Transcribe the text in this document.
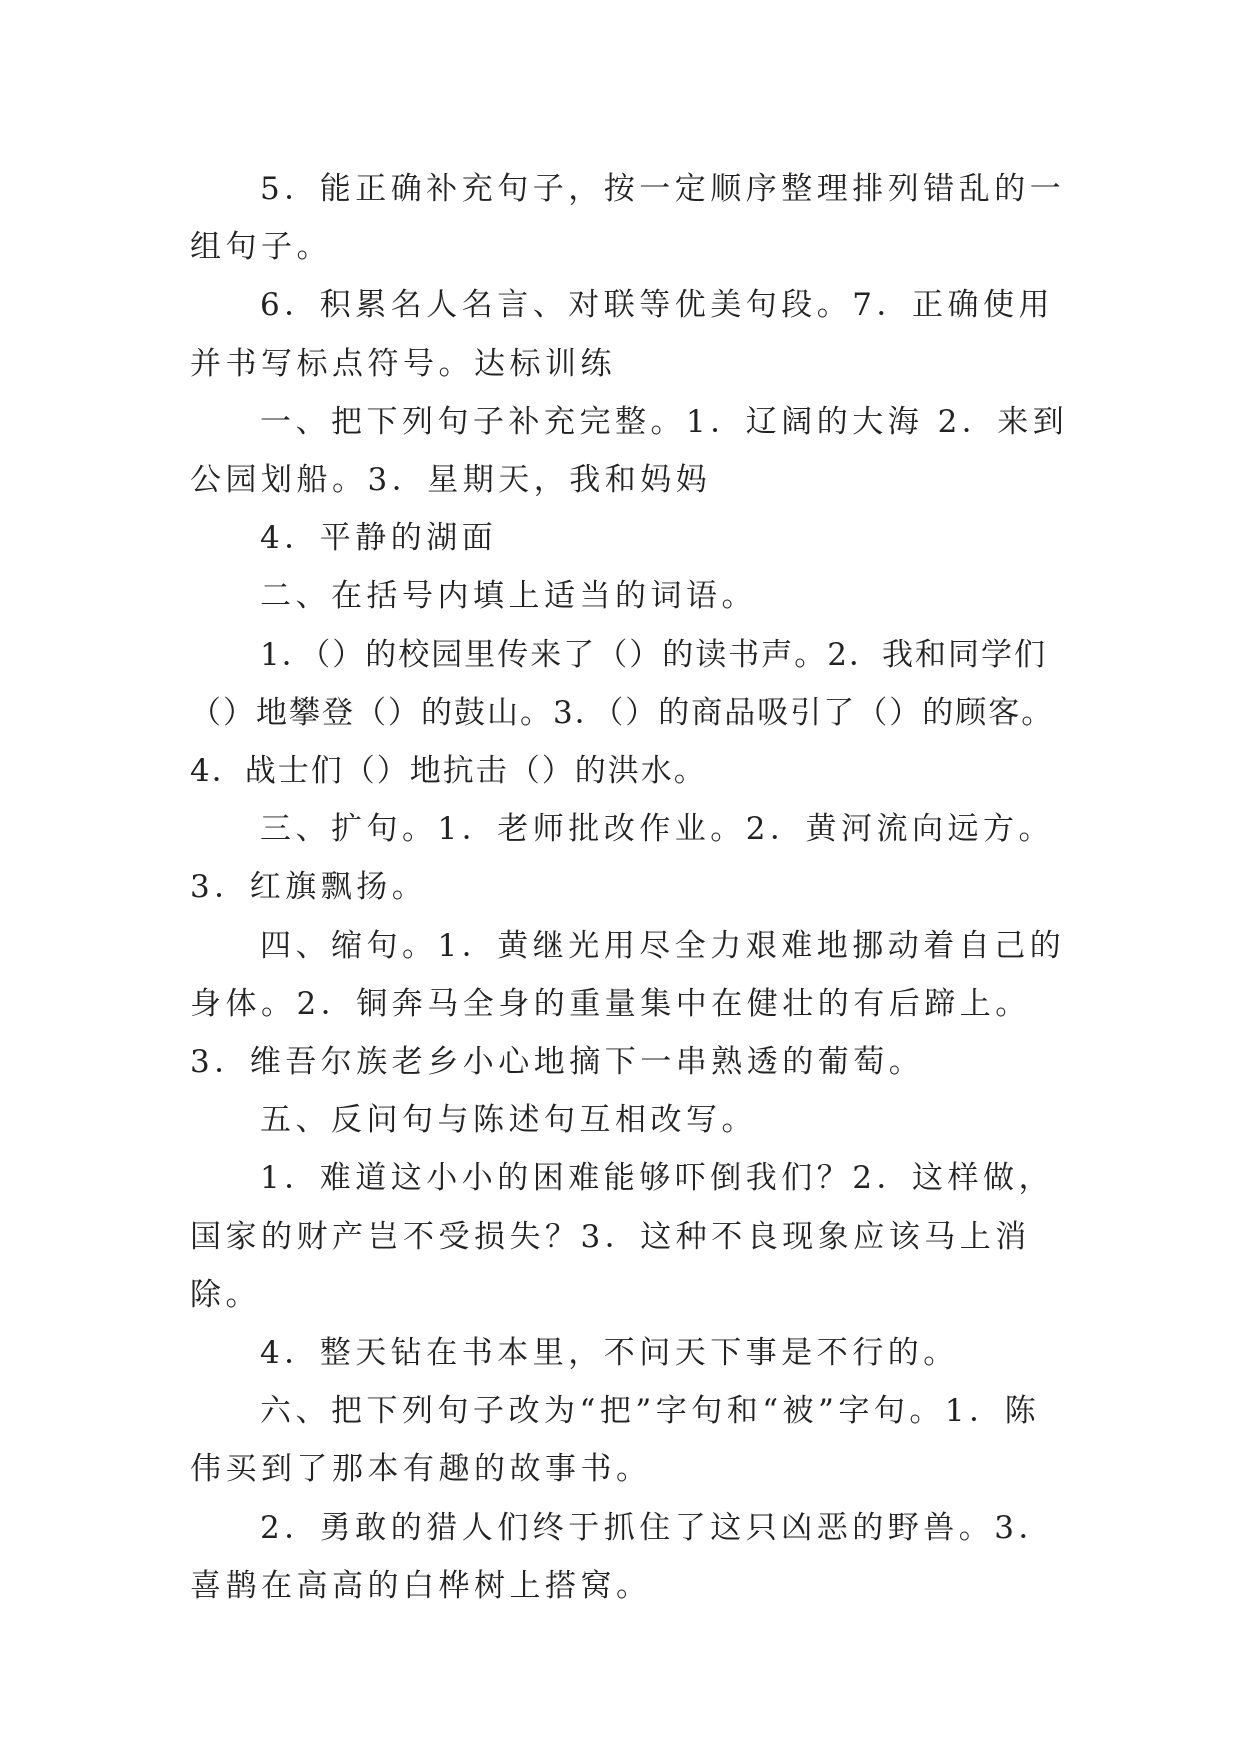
5．能正确补充句子，按一定顺序整理排列错乱的一组句子。

6．积累名人名言、对联等优美句段。7．正确使用并书写标点符号。达标训练

一、把下列句子补充完整。1．辽阔的大海 2．来到公园划船。3．星期天，我和妈妈

4．平静的湖面

二、在括号内填上适当的词语。

1．（）的校园里传来了（）的读书声。2．我和同学们（）地攀登（）的鼓山。3．（）的商品吸引了（）的顾客。4．战士们（）地抗击（）的洪水。

三、扩句。1．老师批改作业。2．黄河流向远方。3．红旗飘扬。

四、缩句。1．黄继光用尽全力艰难地挪动着自己的身体。2．铜奔马全身的重量集中在健壮的有后蹄上。3．维吾尔族老乡小心地摘下一串熟透的葡萄。

五、反问句与陈述句互相改写。

1．难道这小小的困难能够吓倒我们？2．这样做，国家的财产岂不受损失？3．这种不良现象应该马上消除。

4．整天钻在书本里，不问天下事是不行的。

六、把下列句子改为“把”字句和“被”字句。1．陈伟买到了那本有趣的故事书。

2．勇敢的猎人们终于抓住了这只凶恶的野兽。3．喜鹊在高高的白桦树上搭窝。
